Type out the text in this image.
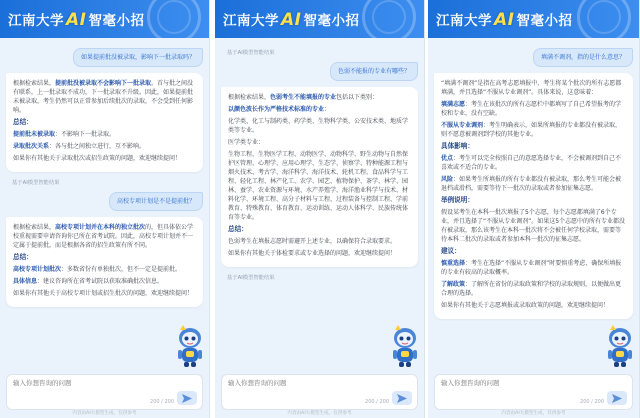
江南大学 AI 智毫小招
如果提前批没被录取，影响下一批录取吗？

根据检索结果，提前批没被录取不会影响下一批录取。首与批之间没有联系，上一批录取不成功，下一批录取不升级。因此，如果提前批未被录取，考生仍然可以正常参加后续批次的录取，不会受到任何影响。

总结：

提前批未被录取：不影响下一批录取。

录取批次关系：各与批之间独立进行，互不影响。

如果你有其他关于录取批次或招生政策的问题，欢迎继续提问！

基于AI模型智能结果
高校专项计划是不是提前批？

根据检索结果，高校专项计划并在本科的独立批次的，但具体依公学校重视需要申请咨询你已所在省考试院。因此，高校专项计划并不一定属于提前批，而是根据各省的招生政策有所不同。

总结：

高校专项计划批次：多数省份有单独批次，但不一定是提前批。

具体信息：建议咨询所在省考试院以获取准确批次信息。

如果你有其他关于高校专项计划或招生批次的问题，欢迎继续提问！

输入你想咨询的问题
200 / 200
内容由AI大模型生成，仅供参考
江南大学 AI 智毫小招
基于AI模型智能结果
色弱不能报的专业有哪些？

根据检索结果，色弱考生不能填报的专业包括以下类别：

以颜色波长作为严格技术标准的专业：

化学类、化工与制药类、药学类、生物科学类、公安技术类、地质学类等专业。

医学类专业：

生物工程、生物医学工程、动物医学、动物科学、野生动物与自然保护区管理、心理学、应用心理学、生态学、侦察学、特种能源工程与烟火技术、考古学、海洋科学、海洋技术、轮机工程、食品科学与工程、轻化工程、林产化工、农学、园艺、植物保护、茶学、林学、园林、蚕学、农业资源与环境、水产养殖学、海洋渔业科学与技术、材料化学、环境工程、高分子材料与工程、过程装备与控制工程、学前教育、特殊教育、体育教育、运动训练、运动人体科学、民族传统体育等专业。

总结：

色弱考生在填报志愿时需避开上述专业，以确保符合录取要求。

如果你有其他关于体检要求或专业选择的问题，欢迎继续提问！

基于AI模型智能结果
输入你想咨询的问题
200 / 200
内容由AI大模型生成，仅供参考
江南大学 AI 智毫小招
填满不调剂，指的是什么意思？

“填满不调剂”是指在高考志愿填报中，考生将某个批次的所有志愿都填满，并且选择“不服从专业调剂”。具体来说，这意味着：

填满志愿：考生在该批次的所有志愿栏中都填写了自己希望报考的学校和专业，没有空缺。

不服从专业调剂：考生明确表示，如果所填报的专业都没有被录取，则不愿意被调剂到学校的其他专业。

具体影响：

优点：考生可以完全按照自己的意愿选择专业，不会被调剂到自己不喜欢或不适合的专业。

风险：如果考生所填报的所有专业都没有被录取，那么考生可能会被退档或滑档，需要等待下一批次的录取或者参加征集志愿。

举例说明：

假设某考生在本科一批次填报了5个志愿，每个志愿都填满了6个专业，并且选择了“不服从专业调剂”。如果这5个志愿中的所有专业都没有被录取，那么该考生在本科一批次将不会被任何学校录取，需要等待本科二批次的录取或者参加本科一批次的征集志愿。

建议：

慎重选择：考生在选择“不服从专业调剂”时要慎重考虑，确保所填报的专业有较高的录取概率。

了解政策：了解所在省份的录取政策和学校的录取规则，以便做出更合理的选择。

如果你有其他关于志愿填报或录取政策的问题，欢迎继续提问！

输入你想咨询的问题
200 / 200
内容由AI大模型生成，仅供参考
